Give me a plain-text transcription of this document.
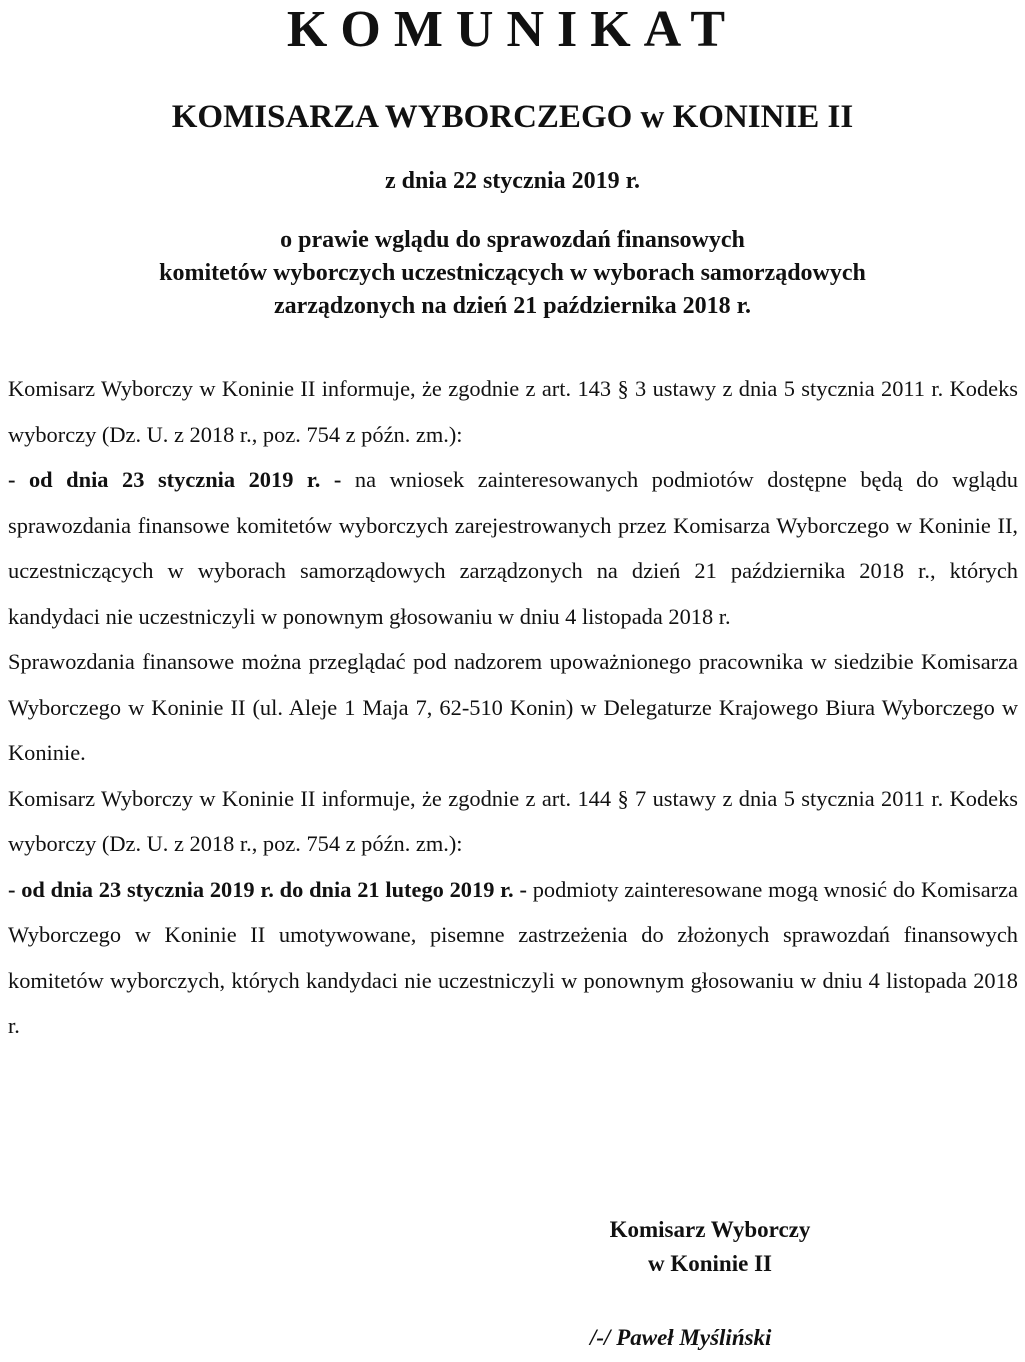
KOMUNIKAT
KOMISARZA WYBORCZEGO w KONINIE II
z dnia 22 stycznia 2019 r.
o prawie wglądu do sprawozdań finansowych
komitetów wyborczych uczestniczących w wyborach samorządowych
zarządzonych na dzień 21 października 2018 r.

Komisarz Wyborczy w Koninie II informuje, że zgodnie z art. 143 § 3 ustawy z dnia 5 stycznia 2011 r. Kodeks wyborczy (Dz. U. z 2018 r., poz. 754 z późn. zm.):

- od dnia 23 stycznia 2019 r. - na wniosek zainteresowanych podmiotów dostępne będą do wglądu sprawozdania finansowe komitetów wyborczych zarejestrowanych przez Komisarza Wyborczego w Koninie II, uczestniczących w wyborach samorządowych zarządzonych na dzień 21 października 2018 r., których kandydaci nie uczestniczyli w ponownym głosowaniu w dniu 4 listopada 2018 r.

Sprawozdania finansowe można przeglądać pod nadzorem upoważnionego pracownika w siedzibie Komisarza Wyborczego w Koninie II (ul. Aleje 1 Maja 7, 62-510 Konin) w Delegaturze Krajowego Biura Wyborczego w Koninie.

Komisarz Wyborczy w Koninie II informuje, że zgodnie z art. 144 § 7 ustawy z dnia 5 stycznia 2011 r. Kodeks wyborczy (Dz. U. z 2018 r., poz. 754 z późn. zm.):

- od dnia 23 stycznia 2019 r. do dnia 21 lutego 2019 r. - podmioty zainteresowane mogą wnosić do Komisarza Wyborczego w Koninie II umotywowane, pisemne zastrzeżenia do złożonych sprawozdań finansowych komitetów wyborczych, których kandydaci nie uczestniczyli w ponownym głosowaniu w dniu 4 listopada 2018 r.

Komisarz Wyborczy
w Koninie II
/-/ Paweł Myśliński
